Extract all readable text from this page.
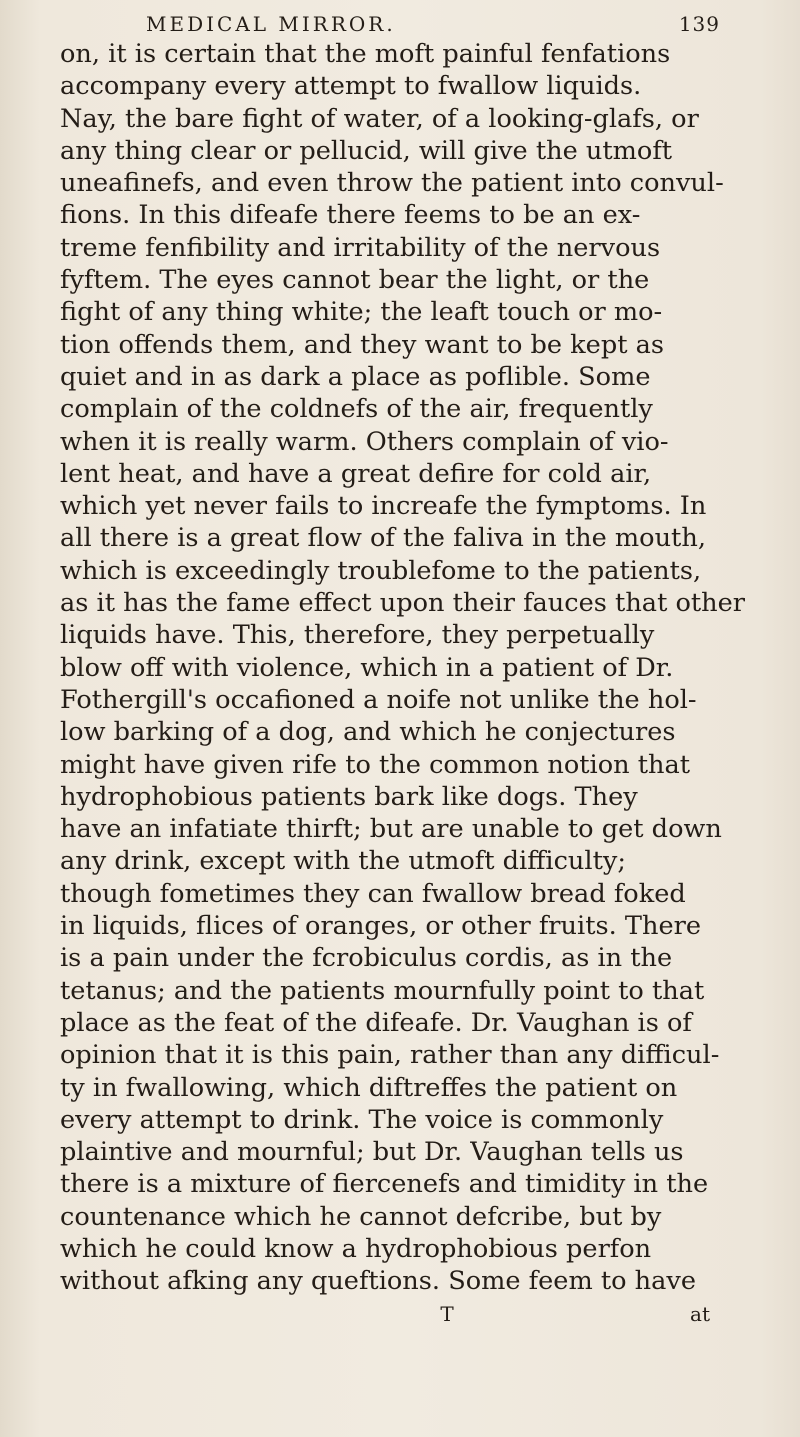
MEDICAL MIRROR.	139
on, it is certain that the moft painful fenfations
accompany every attempt to fwallow liquids.
Nay, the bare fight of water, of a looking-glafs, or
any thing clear or pellucid, will give the utmoft
uneafinefs, and even throw the patient into convul-
fions. In this difeafe there feems to be an ex-
treme fenfibility and irritability of the nervous
fyftem. The eyes cannot bear the light, or the
fight of any thing white; the leaft touch or mo-
tion offends them, and they want to be kept as
quiet and in as dark a place as poflible. Some
complain of the coldnefs of the air, frequently
when it is really warm. Others complain of vio-
lent heat, and have a great defire for cold air,
which yet never fails to increafe the fymptoms. In
all there is a great flow of the faliva in the mouth,
which is exceedingly troublefome to the patients,
as it has the fame effect upon their fauces that other
liquids have. This, therefore, they perpetually
blow off with violence, which in a patient of Dr.
Fothergill's occafioned a noife not unlike the hol-
low barking of a dog, and which he conjectures
might have given rife to the common notion that
hydrophobious patients bark like dogs. They
have an infatiate thirft; but are unable to get down
any drink, except with the utmoft difficulty;
though fometimes they can fwallow bread foked
in liquids, flices of oranges, or other fruits. There
is a pain under the fcrobiculus cordis, as in the
tetanus; and the patients mournfully point to that
place as the feat of the difeafe. Dr. Vaughan is of
opinion that it is this pain, rather than any difficul-
ty in fwallowing, which diftreffes the patient on
every attempt to drink. The voice is commonly
plaintive and mournful; but Dr. Vaughan tells us
there is a mixture of fiercenefs and timidity in the
countenance which he cannot defcribe, but by
which he could know a hydrophobious perfon
without afking any queftions. Some feem to have
T	at
